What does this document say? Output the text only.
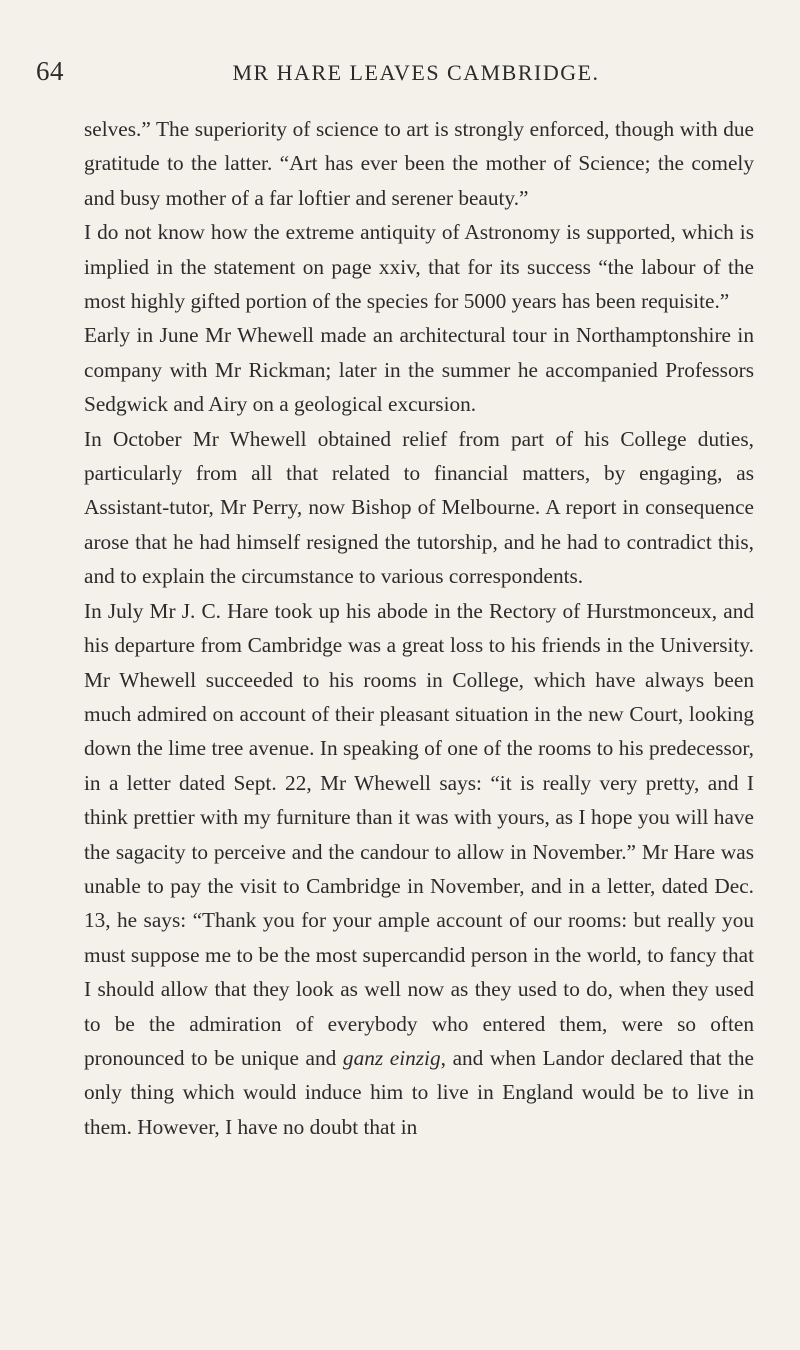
64	MR HARE LEAVES CAMBRIDGE.

selves.” The superiority of science to art is strongly enforced, though with due gratitude to the latter. “Art has ever been the mother of Science; the comely and busy mother of a far loftier and serener beauty.”

I do not know how the extreme antiquity of Astronomy is supported, which is implied in the statement on page xxiv, that for its success “the labour of the most highly gifted portion of the species for 5000 years has been requisite.”

Early in June Mr Whewell made an architectural tour in Northamptonshire in company with Mr Rickman; later in the summer he accompanied Professors Sedgwick and Airy on a geological excursion.

In October Mr Whewell obtained relief from part of his College duties, particularly from all that related to financial matters, by engaging, as Assistant-tutor, Mr Perry, now Bishop of Melbourne. A report in consequence arose that he had himself resigned the tutorship, and he had to contradict this, and to explain the circumstance to various correspondents.

In July Mr J. C. Hare took up his abode in the Rectory of Hurstmonceux, and his departure from Cambridge was a great loss to his friends in the University. Mr Whewell succeeded to his rooms in College, which have always been much admired on account of their pleasant situation in the new Court, looking down the lime tree avenue. In speaking of one of the rooms to his predecessor, in a letter dated Sept. 22, Mr Whewell says: “it is really very pretty, and I think prettier with my furniture than it was with yours, as I hope you will have the sagacity to perceive and the candour to allow in November.” Mr Hare was unable to pay the visit to Cambridge in November, and in a letter, dated Dec. 13, he says: “Thank you for your ample account of our rooms: but really you must suppose me to be the most supercandid person in the world, to fancy that I should allow that they look as well now as they used to do, when they used to be the admiration of everybody who entered them, were so often pronounced to be unique and ganz einzig, and when Landor declared that the only thing which would induce him to live in England would be to live in them. However, I have no doubt that in
